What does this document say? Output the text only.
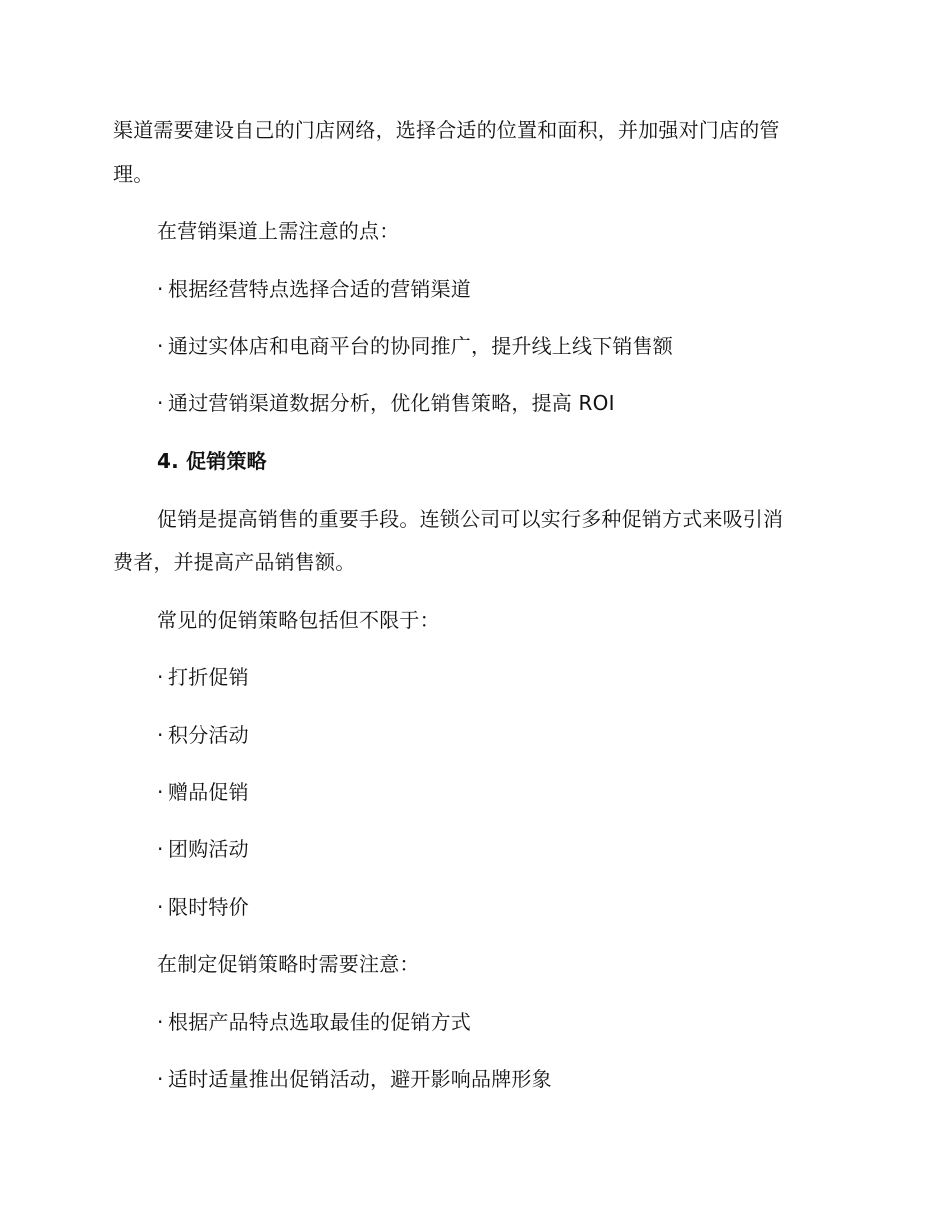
渠道需要建设自己的门店网络，选择合适的位置和面积，并加强对门店的管
理。
在营销渠道上需注意的点：
· 根据经营特点选择合适的营销渠道
· 通过实体店和电商平台的协同推广，提升线上线下销售额
· 通过营销渠道数据分析，优化销售策略，提高 ROI
4. 促销策略
促销是提高销售的重要手段。连锁公司可以实行多种促销方式来吸引消
费者，并提高产品销售额。
常见的促销策略包括但不限于：
· 打折促销
· 积分活动
· 赠品促销
· 团购活动
· 限时特价
在制定促销策略时需要注意：
· 根据产品特点选取最佳的促销方式
· 适时适量推出促销活动，避开影响品牌形象
